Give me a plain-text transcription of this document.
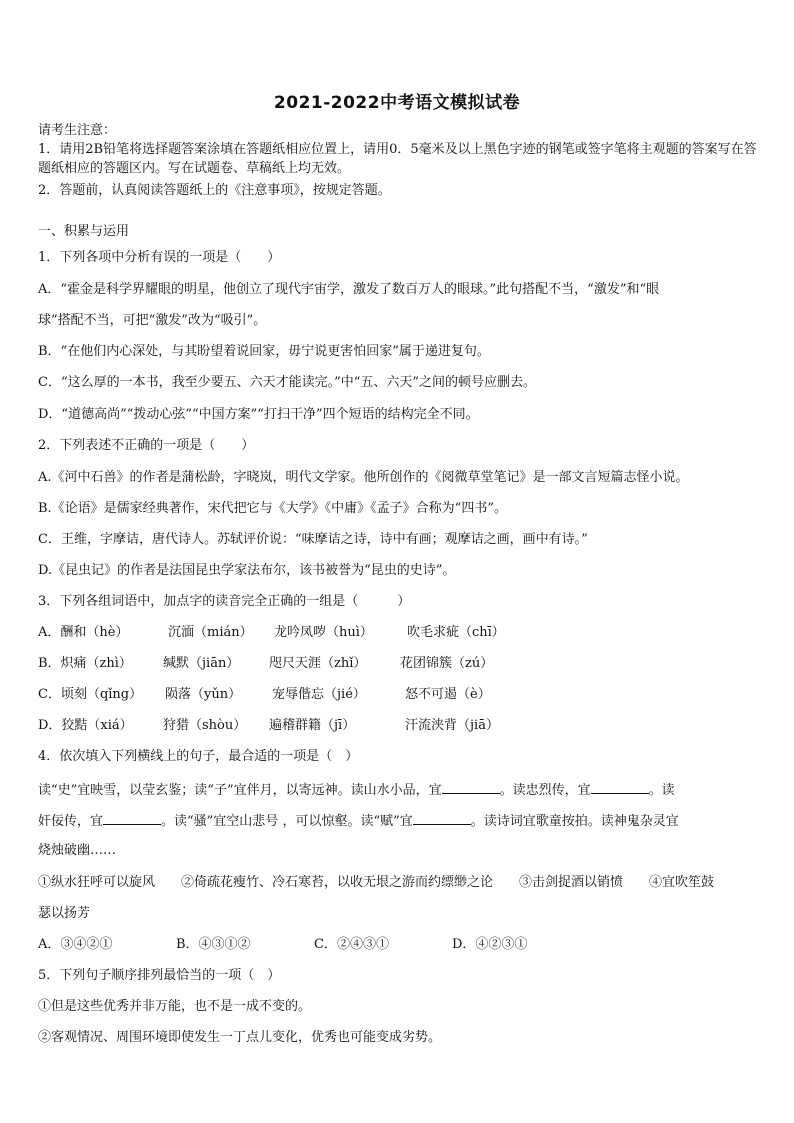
2021-2022中考语文模拟试卷
请考生注意：
1．请用2B铅笔将选择题答案涂填在答题纸相应位置上，请用0．5毫米及以上黑色字迹的钢笔或签字笔将主观题的答案写在答题纸相应的答题区内。写在试题卷、草稿纸上均无效。
2．答题前，认真阅读答题纸上的《注意事项》，按规定答题。
一、积累与运用
1．下列各项中分析有误的一项是（　　）
A．“霍金是科学界耀眼的明星，他创立了现代宇宙学，激发了数百万人的眼球。”此句搭配不当，“激发”和“眼
球”搭配不当，可把“激发”改为“吸引”。
B．“在他们内心深处，与其盼望着说回家，毋宁说更害怕回家”属于递进复句。
C．“这么厚的一本书，我至少要五、六天才能读完。”中“五、六天”之间的顿号应删去。
D．“道德高尚”“拨动心弦”“中国方案”“打扫干净”四个短语的结构完全不同。
2．下列表述不正确的一项是（　　）
A.《河中石兽》的作者是蒲松龄，字晓岚，明代文学家。他所创作的《阅微草堂笔记》是一部文言短篇志怪小说。
B.《论语》是儒家经典著作，宋代把它与《大学》《中庸》《孟子》合称为“四书”。
C．王维，字摩诘，唐代诗人。苏轼评价说：“味摩诘之诗，诗中有画；观摩诘之画，画中有诗。”
D.《昆虫记》的作者是法国昆虫学家法布尔，该书被誉为“昆虫的史诗”。
3．下列各组词语中，加点字的读音完全正确的一组是（　　　）
A．酬和（hè）	沉湎（mián） 龙吟凤哕（huì）	吹毛求疵（chī）
B．炽痛（zhì） 缄默（jiān） 咫尺天涯（zhǐ）	花团锦簇（zú）
C．顷刻（qǐng） 陨落（yǔn） 宠辱偕忘（jié）	怒不可遏（è）
D．狡黠（xiá） 狩猎（shòu） 遍稽群籍（jī）	汗流浃背（jiā）
4．依次填入下列横线上的句子，最合适的一项是（　）
读“史”宜映雪，以莹玄鉴；读“子”宜伴月，以寄远神。读山水小品，宜	。读忠烈传，宜	。读
奸佞传，宜	。读“骚”宜空山悲号 ，可以惊壑。读“赋”宜	。读诗词宜歌童按拍。读神鬼杂灵宜
烧烛破幽……
①纵水狂呼可以旋风　　②倚疏花瘦竹、冷石寒苔，以收无垠之游而约缥缈之论　　③击剑捉酒以销愤　　④宜吹笙鼓
瑟以扬芳
A．③④②①	B．④③①②	C．②④③①	D．④②③①
5．下列句子顺序排列最恰当的一项（　）
①但是这些优秀并非万能，也不是一成不变的。
②客观情况、周围环境即使发生一丁点儿变化，优秀也可能变成劣势。
